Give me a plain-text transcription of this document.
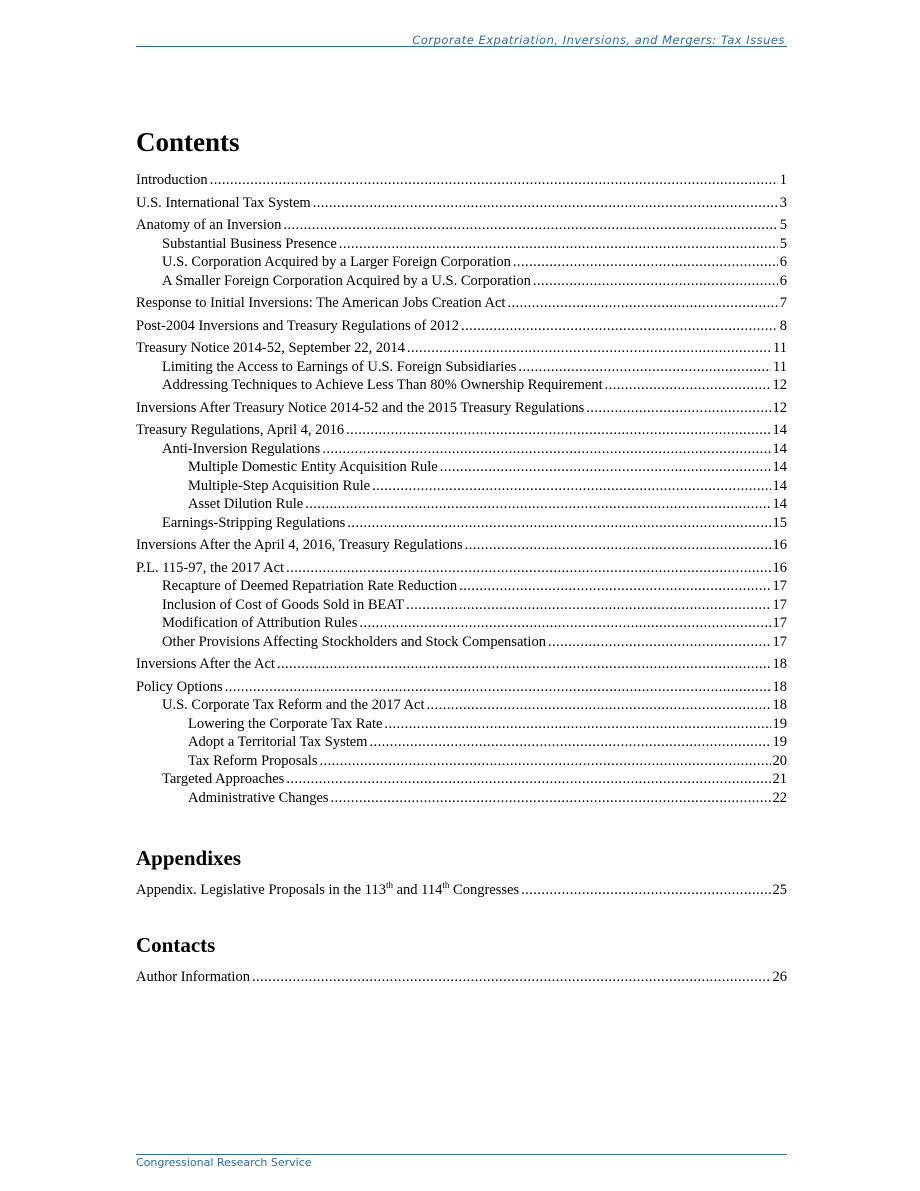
Corporate Expatriation, Inversions, and Mergers: Tax Issues
Contents
Introduction . . .	1
U.S. International Tax System . . .	3
Anatomy of an Inversion . . .	5
Substantial Business Presence . . .	5
U.S. Corporation Acquired by a Larger Foreign Corporation . . .	6
A Smaller Foreign Corporation Acquired by a U.S. Corporation . . .	6
Response to Initial Inversions: The American Jobs Creation Act . . .	7
Post-2004 Inversions and Treasury Regulations of 2012 . . .	8
Treasury Notice 2014-52, September 22, 2014 . . .	11
Limiting the Access to Earnings of U.S. Foreign Subsidiaries . . .	11
Addressing Techniques to Achieve Less Than 80% Ownership Requirement . . .	12
Inversions After Treasury Notice 2014-52 and the 2015 Treasury Regulations . . .	12
Treasury Regulations, April 4, 2016 . . .	14
Anti-Inversion Regulations . . .	14
Multiple Domestic Entity Acquisition Rule . . .	14
Multiple-Step Acquisition Rule . . .	14
Asset Dilution Rule . . .	14
Earnings-Stripping Regulations . . .	15
Inversions After the April 4, 2016, Treasury Regulations . . .	16
P.L. 115-97, the 2017 Act . . .	16
Recapture of Deemed Repatriation Rate Reduction . . .	17
Inclusion of Cost of Goods Sold in BEAT . . .	17
Modification of Attribution Rules . . .	17
Other Provisions Affecting Stockholders and Stock Compensation . . .	17
Inversions After the Act . . .	18
Policy Options . . .	18
U.S. Corporate Tax Reform and the 2017 Act . . .	18
Lowering the Corporate Tax Rate . . .	19
Adopt a Territorial Tax System . . .	19
Tax Reform Proposals . . .	20
Targeted Approaches . . .	21
Administrative Changes . . .	22
Appendixes
Appendix. Legislative Proposals in the 113th and 114th Congresses . . .	25
Contacts
Author Information . . .	26
Congressional Research Service
